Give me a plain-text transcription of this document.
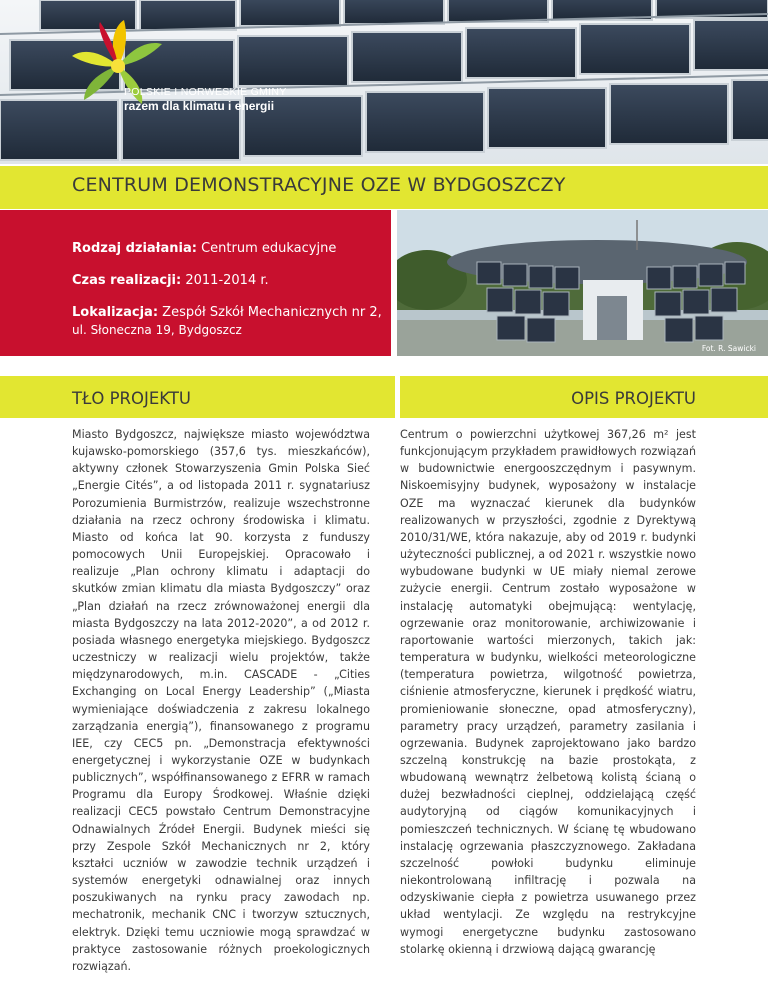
POLSKIE I NORWESKIE GMINY
razem dla klimatu i energii
CENTRUM DEMONSTRACYJNE OZE W BYDGOSZCZY
Rodzaj działania: Centrum edukacyjne
Czas realizacji: 2011-2014 r.
Lokalizacja: Zespół Szkół Mechanicznych nr 2,
ul. Słoneczna 19, Bydgoszcz
Fot. R. Sawicki
TŁO PROJEKTU	OPIS PROJEKTU

Miasto Bydgoszcz, największe miasto województwa kujawsko-pomorskiego (357,6 tys. mieszkańców), aktywny członek Stowarzyszenia Gmin Polska Sieć „Energie Cités”, a od listopada 2011 r. sygnatariusz Porozumienia Burmistrzów, realizuje wszechstronne działania na rzecz ochrony środowiska i klimatu. Miasto od końca lat 90. korzysta z funduszy pomocowych Unii Europejskiej. Opracowało i realizuje „Plan ochrony klimatu i adaptacji do skutków zmian klimatu dla miasta Bydgoszczy” oraz „Plan działań na rzecz zrównoważonej energii dla miasta Bydgoszczy na lata 2012-2020”, a od 2012 r. posiada własnego energetyka miejskiego. Bydgoszcz uczestniczy w realizacji wielu projektów, także międzynarodowych, m.in. CASCADE - „Cities Exchanging on Local Energy Leadership” („Miasta wymieniające doświadczenia z zakresu lokalnego zarządzania energią”), finansowanego z programu IEE, czy CEC5 pn. „Demonstracja efektywności energetycznej i wykorzystanie OZE w budynkach publicznych”, współfinansowanego z EFRR w ramach Programu dla Europy Środkowej. Właśnie dzięki realizacji CEC5 powstało Centrum Demonstracyjne Odnawialnych Źródeł Energii. Budynek mieści się przy Zespole Szkół Mechanicznych nr 2, który kształci uczniów w zawodzie technik urządzeń i systemów energetyki odnawialnej oraz innych poszukiwanych na rynku pracy zawodach np. mechatronik, mechanik CNC i tworzyw sztucznych, elektryk. Dzięki temu uczniowie mogą sprawdzać w praktyce zastosowanie różnych proekologicznych rozwiązań.

Centrum o powierzchni użytkowej 367,26 m² jest funkcjonującym przykładem prawidłowych rozwiązań w budownictwie energooszczędnym i pasywnym. Niskoemisyjny budynek, wyposażony w instalacje OZE ma wyznaczać kierunek dla budynków realizowanych w przyszłości, zgodnie z Dyrektywą 2010/31/WE, która nakazuje, aby od 2019 r. budynki użyteczności publicznej, a od 2021 r. wszystkie nowo wybudowane budynki w UE miały niemal zerowe zużycie energii. Centrum zostało wyposażone w instalację automatyki obejmującą: wentylację, ogrzewanie oraz monitorowanie, archiwizowanie i raportowanie wartości mierzonych, takich jak: temperatura w budynku, wielkości meteorologiczne (temperatura powietrza, wilgotność powietrza, ciśnienie atmosferyczne, kierunek i prędkość wiatru, promieniowanie słoneczne, opad atmosferyczny), parametry pracy urządzeń, parametry zasilania i ogrzewania. Budynek zaprojektowano jako bardzo szczelną konstrukcję na bazie prostokąta, z wbudowaną wewnątrz żelbetową kolistą ścianą o dużej bezwładności cieplnej, oddzielającą część audytoryjną od ciągów komunikacyjnych i pomieszczeń technicznych. W ścianę tę wbudowano instalację ogrzewania płaszczyznowego. Zakładana szczelność powłoki budynku eliminuje niekontrolowaną infiltrację i pozwala na odzyskiwanie ciepła z powietrza usuwanego przez układ wentylacji. Ze względu na restrykcyjne wymogi energetyczne budynku zastosowano stolarkę okienną i drzwiową dającą gwarancję
